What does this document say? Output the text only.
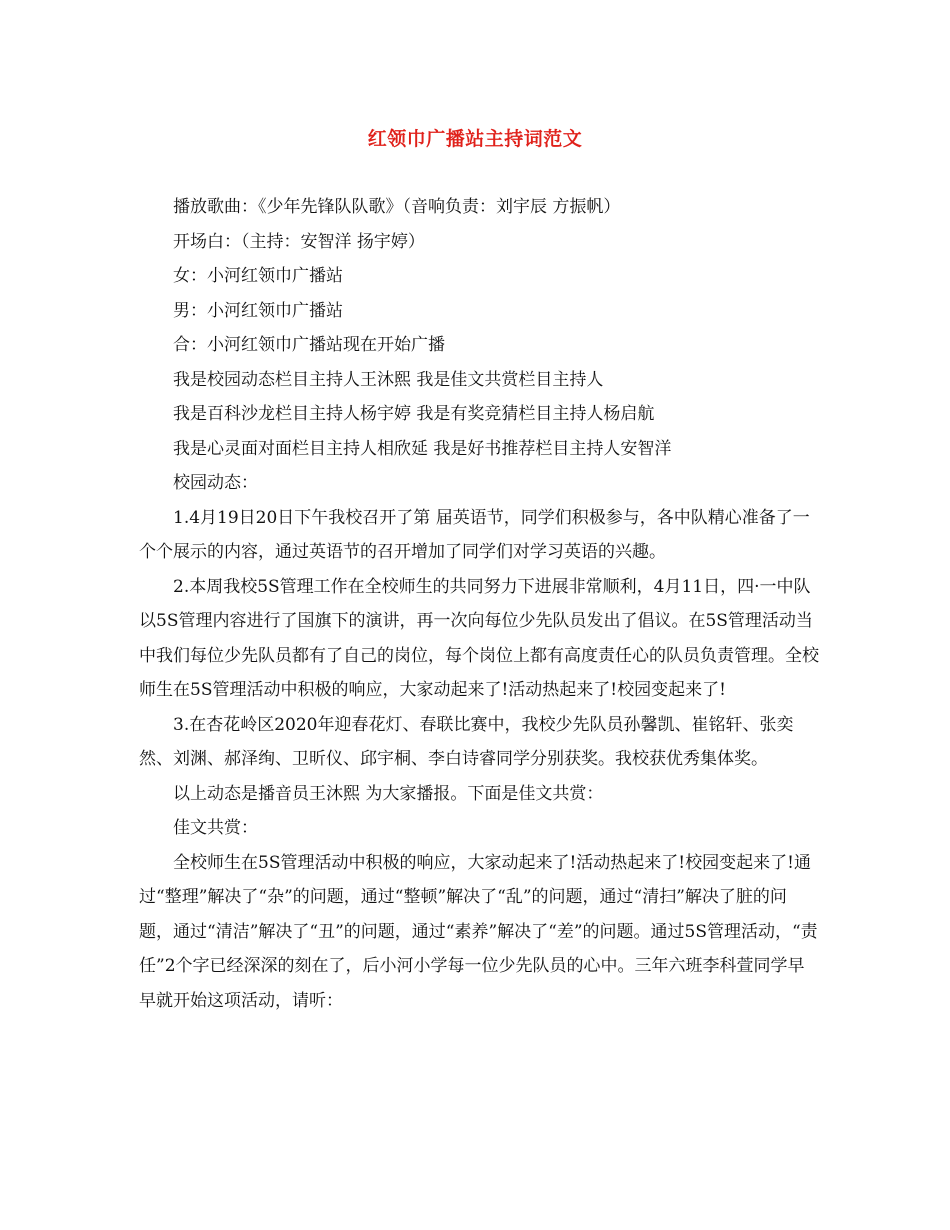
红领巾广播站主持词范文

播放歌曲：《少年先锋队队歌》（音响负责：刘宇辰 方振帆）

开场白：（主持：安智洋 扬宇婷）

女：小河红领巾广播站

男：小河红领巾广播站

合：小河红领巾广播站现在开始广播

我是校园动态栏目主持人王沐熙 我是佳文共赏栏目主持人

我是百科沙龙栏目主持人杨宇婷 我是有奖竞猜栏目主持人杨启航

我是心灵面对面栏目主持人相欣延 我是好书推荐栏目主持人安智洋

校园动态：

1.4月19日20日下午我校召开了第 届英语节，同学们积极参与，各中队精心准备了一个个展示的内容，通过英语节的召开增加了同学们对学习英语的兴趣。

2.本周我校5S管理工作在全校师生的共同努力下进展非常顺利，4月11日，四·一中队以5S管理内容进行了国旗下的演讲，再一次向每位少先队员发出了倡议。在5S管理活动当中我们每位少先队员都有了自己的岗位，每个岗位上都有高度责任心的队员负责管理。全校师生在5S管理活动中积极的响应，大家动起来了!活动热起来了!校园变起来了!

3.在杏花岭区2020年迎春花灯、春联比赛中，我校少先队员孙馨凯、崔铭轩、张奕然、刘渊、郝泽绚、卫昕仪、邱宇桐、李白诗睿同学分别获奖。我校获优秀集体奖。

以上动态是播音员王沐熙 为大家播报。下面是佳文共赏：

佳文共赏：

全校师生在5S管理活动中积极的响应，大家动起来了!活动热起来了!校园变起来了!通过“整理”解决了“杂”的问题，通过“整顿”解决了“乱”的问题，通过“清扫”解决了脏的问题，通过“清洁”解决了“丑”的问题，通过“素养”解决了“差”的问题。通过5S管理活动，“责任”2个字已经深深的刻在了，后小河小学每一位少先队员的心中。三年六班李科萱同学早早就开始这项活动，请听：
